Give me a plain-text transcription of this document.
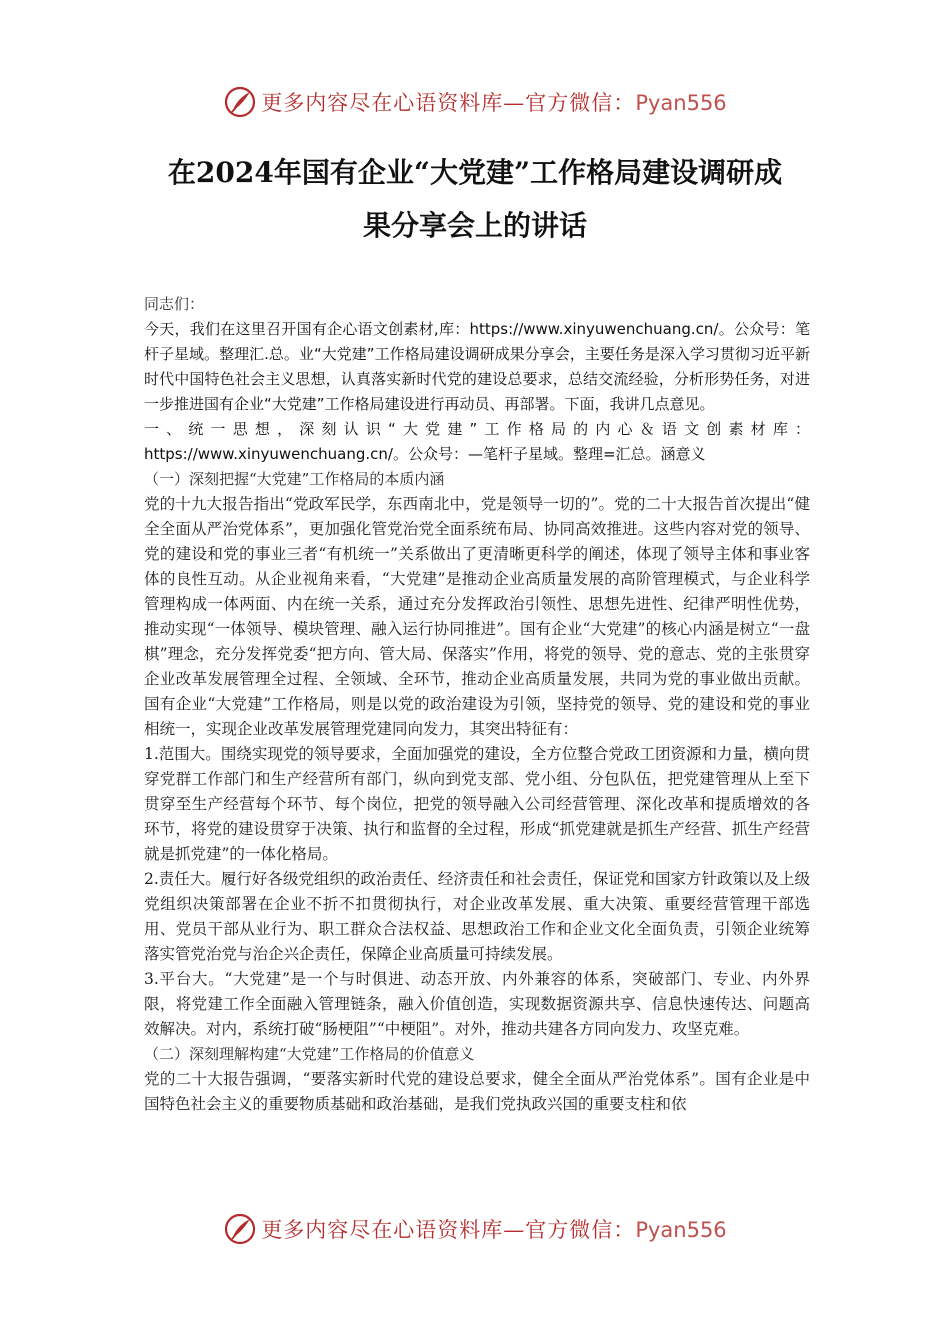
更多内容尽在心语资料库—官方微信：Pyan556
在2024年国有企业“大党建”工作格局建设调研成
果分享会上的讲话

同志们：

今天，我们在这里召开国有企心语文创素材,库：https://www.xinyuwenchuang.cn/。公众号：笔杆子星域。整理汇.总。业“大党建”工作格局建设调研成果分享会，主要任务是深入学习贯彻习近平新时代中国特色社会主义思想，认真落实新时代党的建设总要求，总结交流经验，分析形势任务，对进一步推进国有企业“大党建”工作格局建设进行再动员、再部署。下面，我讲几点意见。

一、统一思想，深刻认识“大党建”工作格局的内心＆语文创素材库：https://www.xinyuwenchuang.cn/。公众号：—笔杆子星域。整理=汇总。涵意义

（一）深刻把握“大党建”工作格局的本质内涵

党的十九大报告指出“党政军民学，东西南北中，党是领导一切的”。党的二十大报告首次提出“健全全面从严治党体系”，更加强化管党治党全面系统布局、协同高效推进。这些内容对党的领导、党的建设和党的事业三者“有机统一”关系做出了更清晰更科学的阐述，体现了领导主体和事业客体的良性互动。从企业视角来看，“大党建”是推动企业高质量发展的高阶管理模式，与企业科学管理构成一体两面、内在统一关系，通过充分发挥政治引领性、思想先进性、纪律严明性优势，推动实现“一体领导、模块管理、融入运行协同推进”。国有企业“大党建”的核心内涵是树立“一盘棋”理念，充分发挥党委“把方向、管大局、保落实”作用，将党的领导、党的意志、党的主张贯穿企业改革发展管理全过程、全领域、全环节，推动企业高质量发展，共同为党的事业做出贡献。国有企业“大党建”工作格局，则是以党的政治建设为引领，坚持党的领导、党的建设和党的事业相统一，实现企业改革发展管理党建同向发力，其突出特征有：

1.范围大。围绕实现党的领导要求，全面加强党的建设，全方位整合党政工团资源和力量，横向贯穿党群工作部门和生产经营所有部门，纵向到党支部、党小组、分包队伍，把党建管理从上至下贯穿至生产经营每个环节、每个岗位，把党的领导融入公司经营管理、深化改革和提质增效的各环节，将党的建设贯穿于决策、执行和监督的全过程，形成“抓党建就是抓生产经营、抓生产经营就是抓党建”的一体化格局。

2.责任大。履行好各级党组织的政治责任、经济责任和社会责任，保证党和国家方针政策以及上级党组织决策部署在企业不折不扣贯彻执行，对企业改革发展、重大决策、重要经营管理干部选用、党员干部从业行为、职工群众合法权益、思想政治工作和企业文化全面负责，引领企业统筹落实管党治党与治企兴企责任，保障企业高质量可持续发展。

3.平台大。“大党建”是一个与时俱进、动态开放、内外兼容的体系，突破部门、专业、内外界限，将党建工作全面融入管理链条，融入价值创造，实现数据资源共享、信息快速传达、问题高效解决。对内，系统打破“肠梗阻”“中梗阻”。对外，推动共建各方同向发力、攻坚克难。

（二）深刻理解构建“大党建”工作格局的价值意义

党的二十大报告强调，“要落实新时代党的建设总要求，健全全面从严治党体系”。国有企业是中国特色社会主义的重要物质基础和政治基础，是我们党执政兴国的重要支柱和依

更多内容尽在心语资料库—官方微信：Pyan556
